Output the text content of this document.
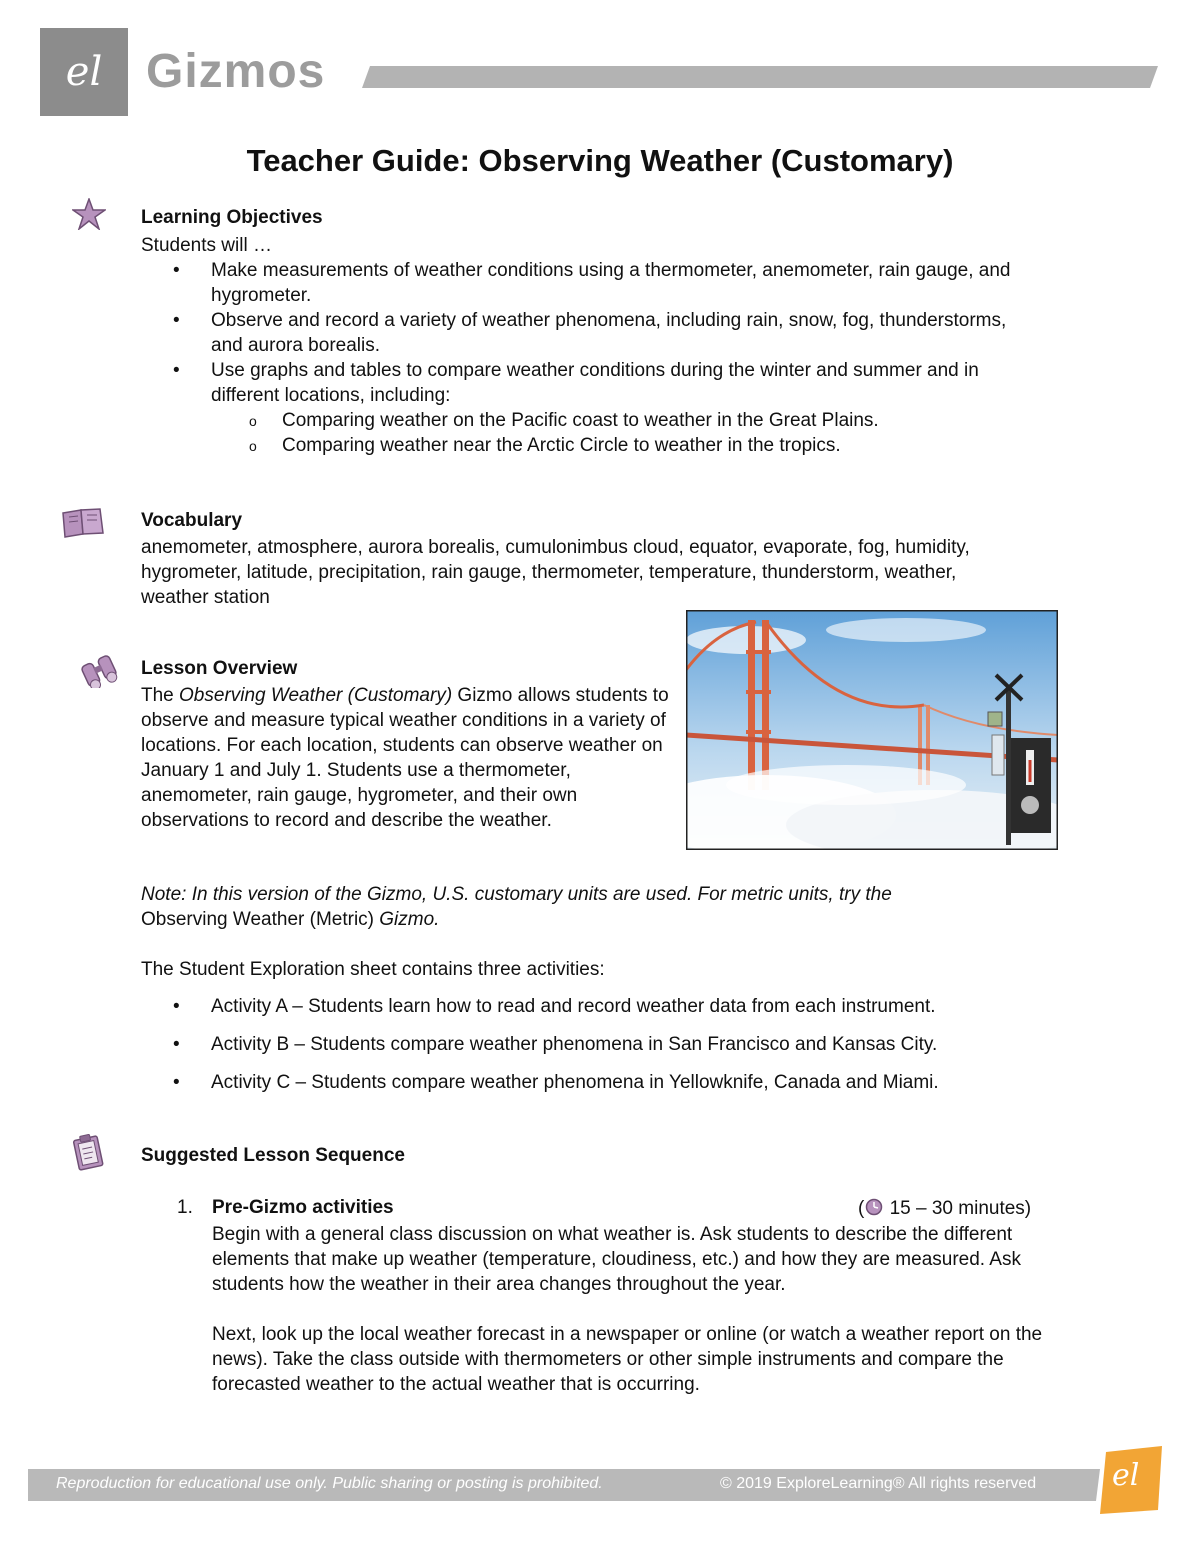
el Gizmos
Teacher Guide: Observing Weather (Customary)
Learning Objectives
Students will …
• Make measurements of weather conditions using a thermometer, anemometer, rain gauge, and hygrometer.
• Observe and record a variety of weather phenomena, including rain, snow, fog, thunderstorms, and aurora borealis.
• Use graphs and tables to compare weather conditions during the winter and summer and in different locations, including:
o Comparing weather on the Pacific coast to weather in the Great Plains.
o Comparing weather near the Arctic Circle to weather in the tropics.
Vocabulary
anemometer, atmosphere, aurora borealis, cumulonimbus cloud, equator, evaporate, fog, humidity, hygrometer, latitude, precipitation, rain gauge, thermometer, temperature, thunderstorm, weather, weather station
Lesson Overview
The Observing Weather (Customary) Gizmo allows students to observe and measure typical weather conditions in a variety of locations. For each location, students can observe weather on January 1 and July 1. Students use a thermometer, anemometer, rain gauge, hygrometer, and their own observations to record and describe the weather.
Note: In this version of the Gizmo, U.S. customary units are used. For metric units, try the
Observing Weather (Metric) Gizmo.
The Student Exploration sheet contains three activities:
• Activity A – Students learn how to read and record weather data from each instrument.
• Activity B – Students compare weather phenomena in San Francisco and Kansas City.
• Activity C – Students compare weather phenomena in Yellowknife, Canada and Miami.
Suggested Lesson Sequence
1. Pre-Gizmo activities	( 15 – 30 minutes)
Begin with a general class discussion on what weather is. Ask students to describe the different elements that make up weather (temperature, cloudiness, etc.) and how they are measured. Ask students how the weather in their area changes throughout the year.
Next, look up the local weather forecast in a newspaper or online (or watch a weather report on the news). Take the class outside with thermometers or other simple instruments and compare the forecasted weather to the actual weather that is occurring.
Reproduction for educational use only. Public sharing or posting is prohibited.	© 2019 ExploreLearning® All rights reserved	el
